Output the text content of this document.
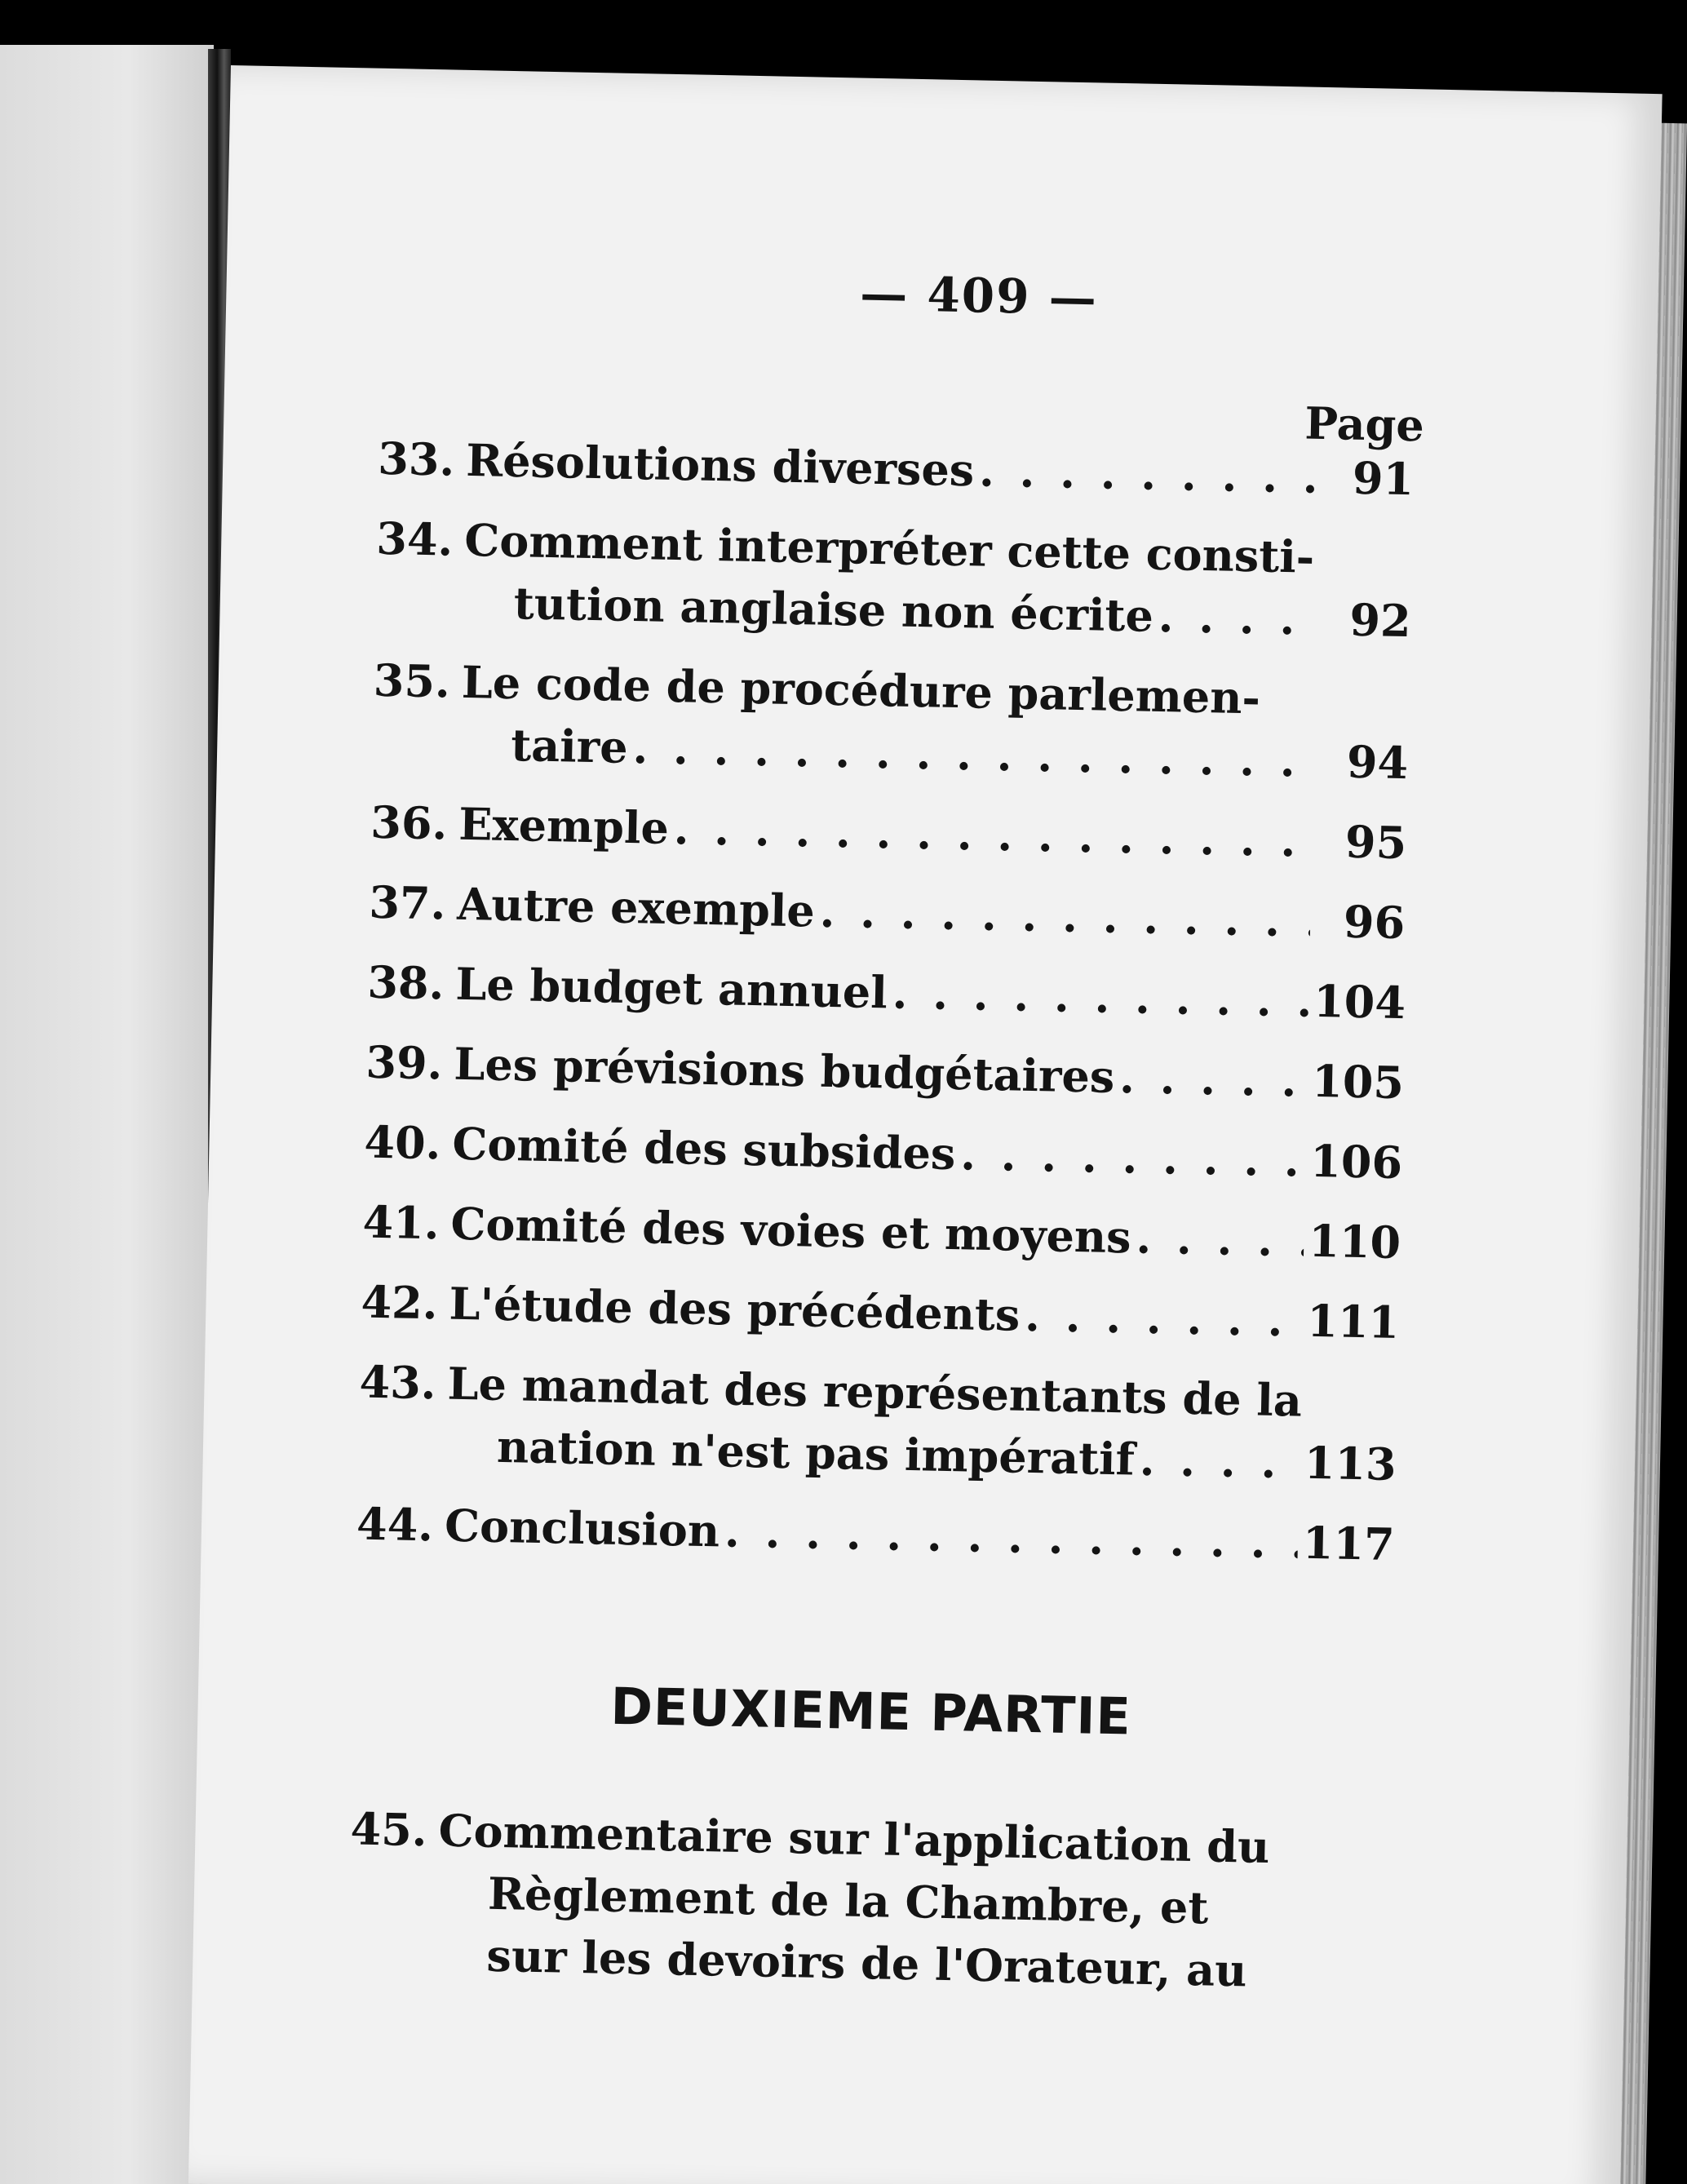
— 409 —
Page
33. Résolutions diverses . . .	91
34. Comment interpréter cette consti-
tution anglaise non écrite . . .	92
35. Le code de procédure parlemen-
taire . . .	94
36. Exemple . . .	95
37. Autre exemple . . .	96
38. Le budget annuel . . .	104
39. Les prévisions budgétaires . . .	105
40. Comité des subsides . . .	106
41. Comité des voies et moyens . . .	110
42. L'étude des précédents . . .	111
43. Le mandat des représentants de la
nation n'est pas impératif . . .	113
44. Conclusion . . .	117
DEUXIEME PARTIE
45. Commentaire sur l'application du
Règlement de la Chambre, et
sur les devoirs de l'Orateur, au
